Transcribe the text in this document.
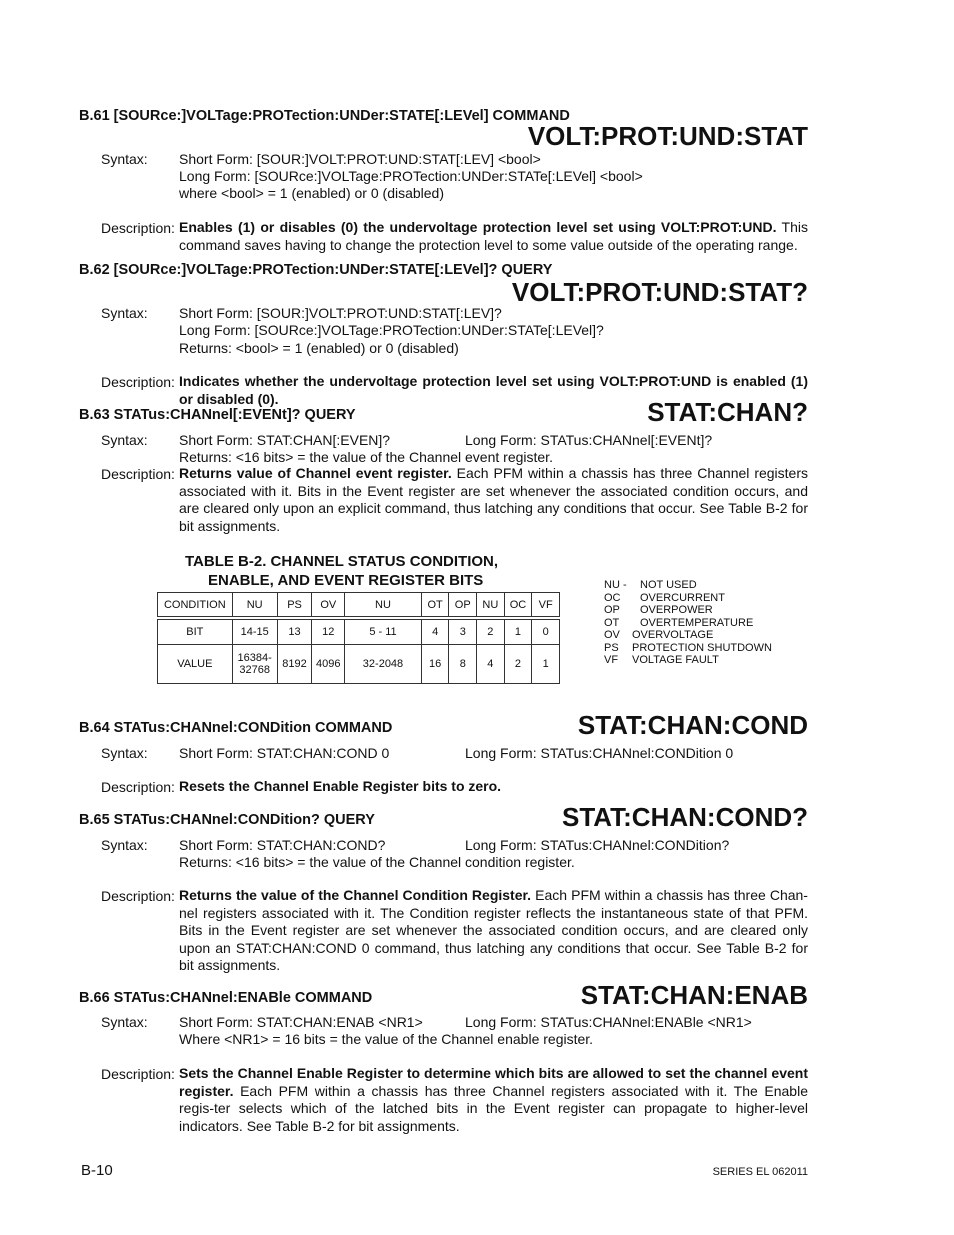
B.61 [SOURce:]VOLTage:PROTection:UNDer:STATE[:LEVel] COMMAND
VOLT:PROT:UND:STAT
Syntax: Short Form: [SOUR:]VOLT:PROT:UND:STAT[:LEV] <bool>
Long Form: [SOURce:]VOLTage:PROTection:UNDer:STATe[:LEVel] <bool>
where <bool> = 1 (enabled) or 0 (disabled)
Description: Enables (1) or disables (0) the undervoltage protection level set using VOLT:PROT:UND. This command saves having to change the protection level to some value outside of the operating range.
B.62 [SOURce:]VOLTage:PROTection:UNDer:STATE[:LEVel]? QUERY
VOLT:PROT:UND:STAT?
Syntax: Short Form: [SOUR:]VOLT:PROT:UND:STAT[:LEV]?
Long Form: [SOURce:]VOLTage:PROTection:UNDer:STATe[:LEVel]?
Returns: <bool> = 1 (enabled) or 0 (disabled)
Description: Indicates whether the undervoltage protection level set using VOLT:PROT:UND is enabled (1) or disabled (0).
B.63 STATus:CHANnel[:EVENt]? QUERY	STAT:CHAN?
Syntax: Short Form: STAT:CHAN[:EVEN]?	Long Form: STATus:CHANnel[:EVENt]?
Returns: <16 bits> = the value of the Channel event register.
Description: Returns value of Channel event register. Each PFM within a chassis has three Channel registers associated with it. Bits in the Event register are set whenever the associated condition occurs, and are cleared only upon an explicit command, thus latching any conditions that occur. See Table B-2 for bit assignments.
TABLE B-2. CHANNEL STATUS CONDITION,
ENABLE, AND EVENT REGISTER BITS
CONDITION	NU	PS	OV	NU	OT	OP	NU	OC	VF

BIT	14-15	13	12	5 - 11	4	3	2	1	0
VALUE	16384-32768	8192	4096	32-2048	16	8	4	2	1
NU - NOT USED
OC OVERCURRENT
OP OVERPOWER
OT OVERTEMPERATURE
OV OVERVOLTAGE
PS PROTECTION SHUTDOWN
VF VOLTAGE FAULT
B.64 STATus:CHANnel:CONDition COMMAND	STAT:CHAN:COND
Syntax: Short Form: STAT:CHAN:COND 0	Long Form: STATus:CHANnel:CONDition 0
Description: Resets the Channel Enable Register bits to zero.
B.65 STATus:CHANnel:CONDition? QUERY	STAT:CHAN:COND?
Syntax: Short Form: STAT:CHAN:COND?	Long Form: STATus:CHANnel:CONDition?
Returns: <16 bits> = the value of the Channel condition register.
Description: Returns the value of the Channel Condition Register. Each PFM within a chassis has three Chan-nel registers associated with it. The Condition register reflects the instantaneous state of that PFM. Bits in the Event register are set whenever the associated condition occurs, and are cleared only upon an STAT:CHAN:COND 0 command, thus latching any conditions that occur. See Table B-2 for bit assignments.
B.66 STATus:CHANnel:ENABle COMMAND	STAT:CHAN:ENAB
Syntax: Short Form: STAT:CHAN:ENAB <NR1>	Long Form: STATus:CHANnel:ENABle <NR1>
Where <NR1> = 16 bits = the value of the Channel enable register.
Description: Sets the Channel Enable Register to determine which bits are allowed to set the channel event register. Each PFM within a chassis has three Channel registers associated with it. The Enable regis-ter selects which of the latched bits in the Event register can propagate to higher-level indicators. See Table B-2 for bit assignments.
B-10	SERIES EL 062011
